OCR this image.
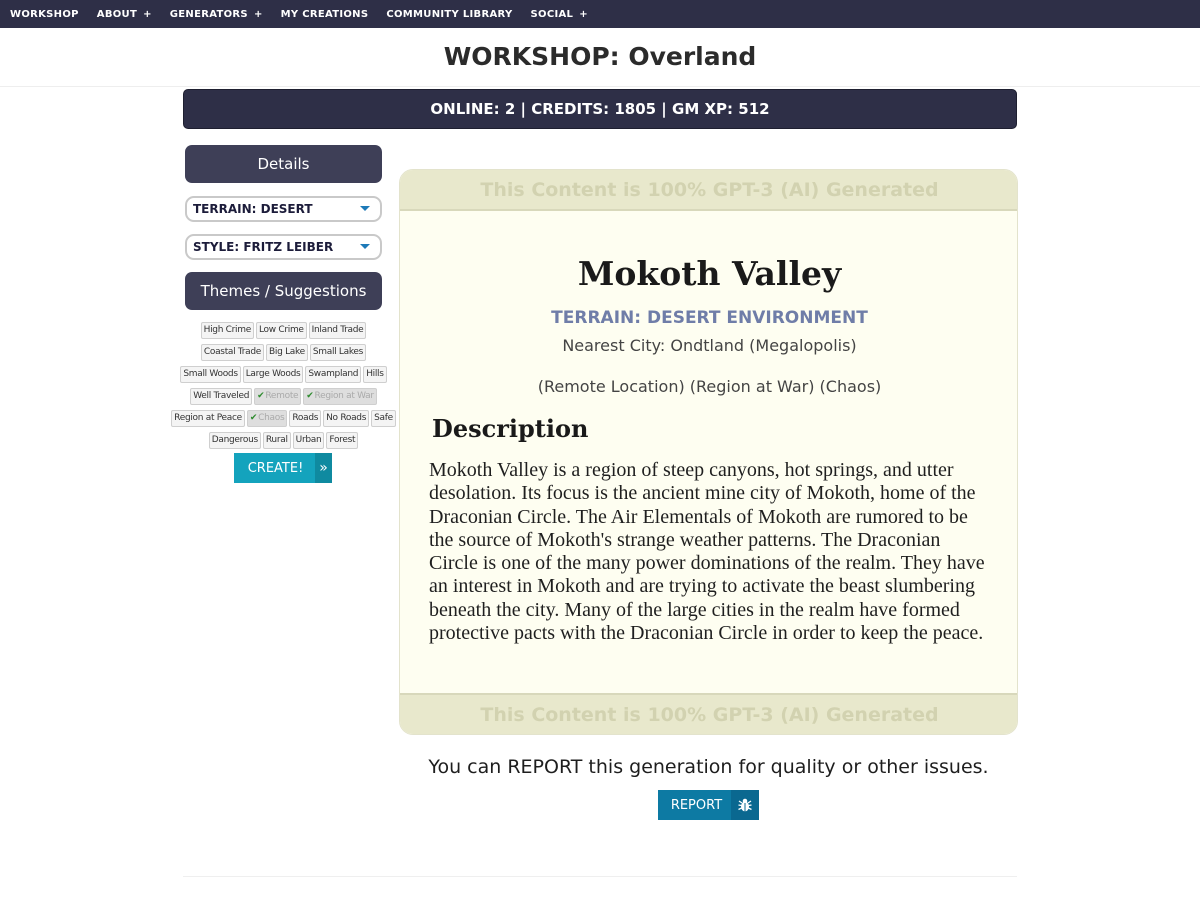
WORKSHOP ABOUT + GENERATORS + MY CREATIONS COMMUNITY LIBRARY SOCIAL +
WORKSHOP: Overland
ONLINE: 2 | CREDITS: 1805 | GM XP: 512
Details
TERRAIN: DESERT
STYLE: FRITZ LEIBER
Themes / Suggestions
High Crime Low Crime Inland Trade
Coastal Trade Big Lake Small Lakes
Small Woods Large Woods Swampland Hills
Well Traveled ✔Remote ✔Region at War
Region at Peace ✔Chaos Roads No Roads Safe
Dangerous Rural Urban Forest
CREATE!	»
This Content is 100% GPT-3 (AI) Generated
Mokoth Valley
TERRAIN: DESERT ENVIRONMENT
Nearest City: Ondtland (Megalopolis)
(Remote Location) (Region at War) (Chaos)
Description
Mokoth Valley is a region of steep canyons, hot springs, and utter desolation. Its focus is the ancient mine city of Mokoth, home of the Draconian Circle. The Air Elementals of Mokoth are rumored to be the source of Mokoth's strange weather patterns. The Draconian Circle is one of the many power dominations of the realm. They have an interest in Mokoth and are trying to activate the beast slumbering beneath the city. Many of the large cities in the realm have formed protective pacts with the Draconian Circle in order to keep the peace.
This Content is 100% GPT-3 (AI) Generated
You can REPORT this generation for quality or other issues.
REPORT
